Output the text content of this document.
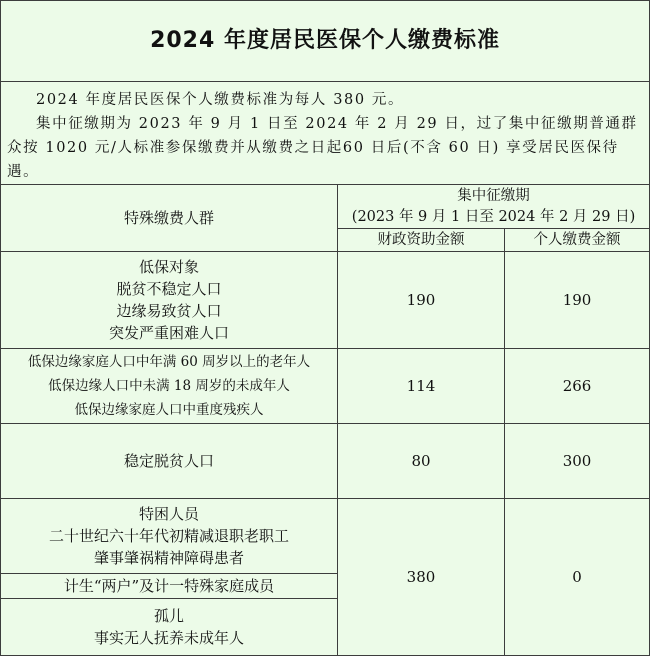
2024 年度居民医保个人缴费标准		

2024 年度居民医保个人缴费标准为每人 380 元。

集中征缴期为 2023 年 9 月 1 日至 2024 年 2 月 29 日，过了集中征缴期普通群众按 1020 元/人标准参保缴费并从缴费之日起60 日后(不含 60 日) 享受居民医保待遇。		

特殊缴费人群	集中征缴期
(2023 年 9 月 1 日至 2024 年 2 月 29 日)	

	财政资助金额	个人缴费金额

低保对象
脱贫不稳定人口
边缘易致贫人口
突发严重困难人口	190	190

低保边缘家庭人口中年满 60 周岁以上的老年人
低保边缘人口中未满 18 周岁的未成年人
低保边缘家庭人口中重度残疾人	114	266

稳定脱贫人口	80	300

特困人员
二十世纪六十年代初精减退职老职工
肇事肇祸精神障碍患者	380	0

计生“两户”及计一特殊家庭成员		

孤儿
事实无人抚养未成年人		
